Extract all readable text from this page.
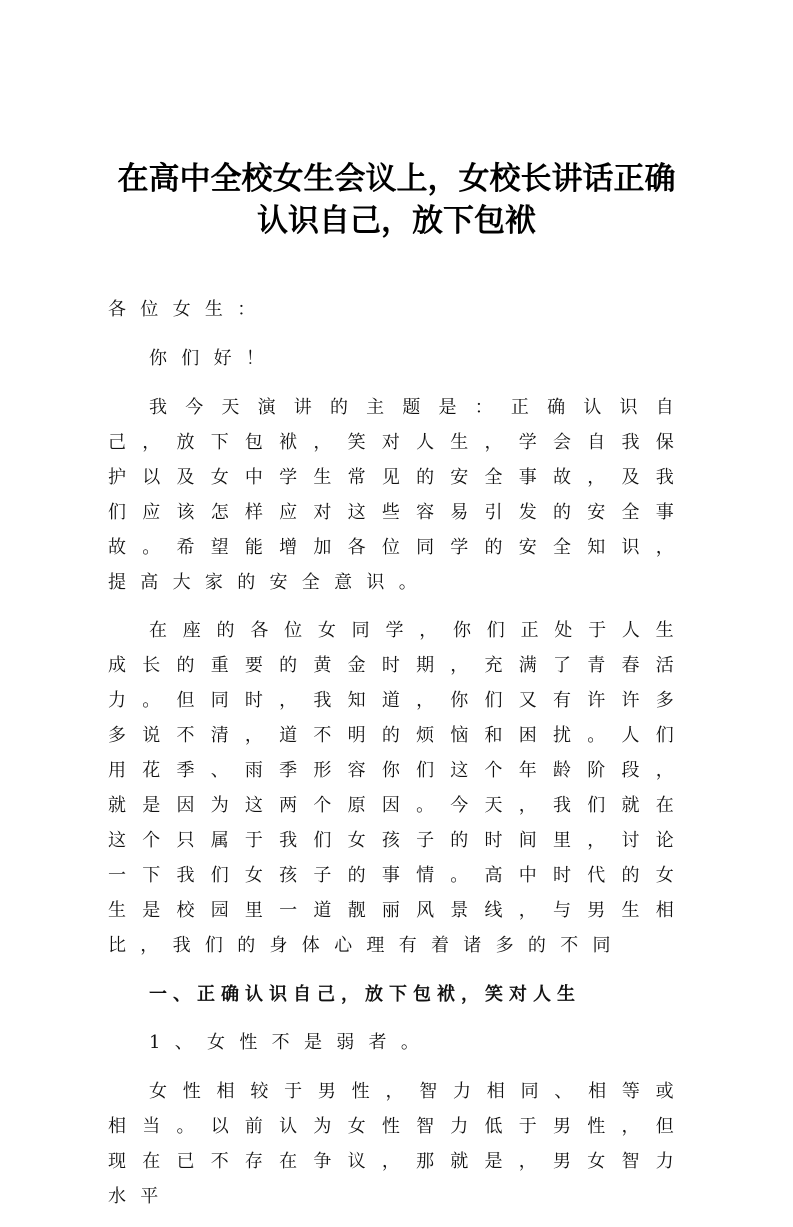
在高中全校女生会议上，女校长讲话正确
认识自己，放下包袱

各位女生：

你们好！

我今天演讲的主题是：正确认识自己，放下包袱，笑对人生，学会自我保护以及女中学生常见的安全事故，及我们应该怎样应对这些容易引发的安全事故。希望能增加各位同学的安全知识，提高大家的安全意识。

在座的各位女同学，你们正处于人生成长的重要的黄金时期，充满了青春活力。但同时，我知道，你们又有许许多多说不清，道不明的烦恼和困扰。人们用花季、雨季形容你们这个年龄阶段，就是因为这两个原因。今天，我们就在这个只属于我们女孩子的时间里，讨论一下我们女孩子的事情。高中时代的女生是校园里一道靓丽风景线，与男生相比，我们的身体心理有着诸多的不同

一、正确认识自己，放下包袱，笑对人生

1、女性不是弱者。

女性相较于男性，智力相同、相等或相当。以前认为女性智力低于男性，但现在已不存在争议，那就是，男女智力水平
